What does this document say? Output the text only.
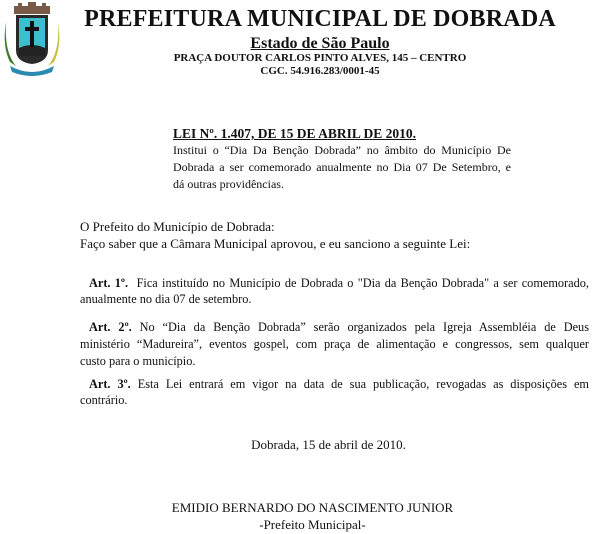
PREFEITURA MUNICIPAL DE DOBRADA
Estado de São Paulo
PRAÇA DOUTOR CARLOS PINTO ALVES, 145 – CENTRO
CGC. 54.916.283/0001-45
LEI Nº. 1.407, DE 15 DE ABRIL DE 2010.
Institui o “Dia Da Benção Dobrada” no âmbito do Município De
Dobrada a ser comemorado anualmente no Dia 07 De Setembro, e
dá outras providências.
O Prefeito do Município de Dobrada:
Faço saber que a Câmara Municipal aprovou, e eu sanciono a seguinte Lei:
Art. 1º. Fica instituído no Município de Dobrada o "Dia da Benção Dobrada" a ser comemorado,
anualmente no dia 07 de setembro.
Art. 2º. No “Dia da Benção Dobrada” serão organizados pela Igreja Assembléia de Deus
ministério “Madureira”, eventos gospel, com praça de alimentação e congressos, sem qualquer
custo para o município.
Art. 3º. Esta Lei entrará em vigor na data de sua publicação, revogadas as disposições em
contrário.
Dobrada, 15 de abril de 2010.
EMIDIO BERNARDO DO NASCIMENTO JUNIOR
-Prefeito Municipal-
